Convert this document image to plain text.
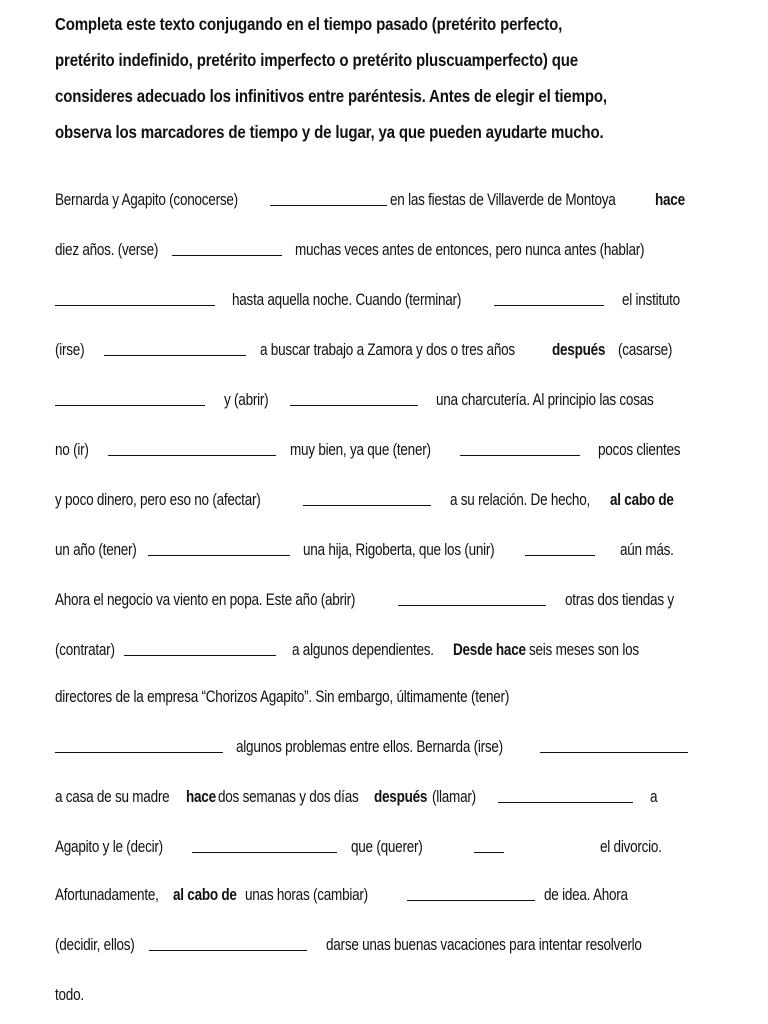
Completa este texto conjugando en el tiempo pasado (pretérito perfecto, pretérito indefinido, pretérito imperfecto o pretérito pluscuamperfecto) que consideres adecuado los infinitivos entre paréntesis. Antes de elegir el tiempo, observa los marcadores de tiempo y de lugar, ya que pueden ayudarte mucho.
Bernarda y Agapito (conocerse)	en las fiestas de Villaverde de Montoya hace
diez años. (verse)	muchas veces antes de entonces, pero nunca antes (hablar)
hasta aquella noche. Cuando (terminar)	el instituto
(irse)	a buscar trabajo a Zamora y dos o tres años después (casarse)
y (abrir)	una charcutería. Al principio las cosas
no (ir)	muy bien, ya que (tener)	pocos clientes
y poco dinero, pero eso no (afectar)	a su relación. De hecho, al cabo de
un año (tener)	una hija, Rigoberta, que los (unir)	aún más.
Ahora el negocio va viento en popa. Este año (abrir)	otras dos tiendas y
(contratar)	a algunos dependientes. Desde hace seis meses son los
directores de la empresa “Chorizos Agapito”. Sin embargo, últimamente (tener)
algunos problemas entre ellos. Bernarda (irse)
a casa de su madre hace dos semanas y dos días después (llamar)	a
Agapito y le (decir)	que (querer)	el divorcio.
Afortunadamente, al cabo de unas horas (cambiar)	de idea. Ahora
(decidir, ellos)	darse unas buenas vacaciones para intentar resolverlo
todo.
